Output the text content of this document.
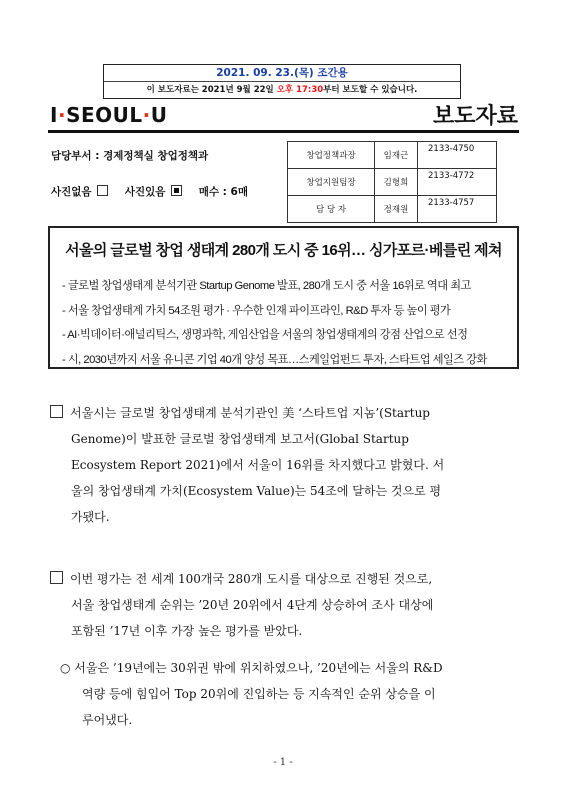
2021. 09. 23.(목) 조간용
이 보도자료는 2021년 9월 22일 오후 17:30부터 보도할 수 있습니다.
I·SEOUL·U	보도자료
담당부서 : 경제정책실 창업정책과
사진없음	사진있음	매수 : 6매
창업정책과장	임재근	2133-4750
창업지원팀장	김형희	2133-4772
담 당 자	정재원	2133-4757
서울의 글로벌 창업 생태계 280개 도시 중 16위… 싱가포르·베를린 제쳐
- 글로벌 창업생태계 분석기관 Startup Genome 발표, 280개 도시 중 서울 16위로 역대 최고
- 서울 창업생태계 가치 54조원 평가 · 우수한 인재 파이프라인, R&D 투자 등 높이 평가
- AI·빅데이터·애널리틱스, 생명과학, 게임산업을 서울의 창업생태계의 강점 산업으로 선정
- 시, 2030년까지 서울 유니콘 기업 40개 양성 목표…스케일업펀드 투자, 스타트업 세일즈 강화
서울시는 글로벌 창업생태계 분석기관인 美 ‘스타트업 지놈’(Startup
Genome)이 발표한 글로벌 창업생태계 보고서(Global Startup
Ecosystem Report 2021)에서 서울이 16위를 차지했다고 밝혔다. 서
울의 창업생태계 가치(Ecosystem Value)는 54조에 달하는 것으로 평
가됐다.
이번 평가는 전 세계 100개국 280개 도시를 대상으로 진행된 것으로,
서울 창업생태계 순위는 ’20년 20위에서 4단계 상승하여 조사 대상에
포함된 ’17년 이후 가장 높은 평가를 받았다.
○ 서울은 ’19년에는 30위권 밖에 위치하였으나, ’20년에는 서울의 R&D
역량 등에 힘입어 Top 20위에 진입하는 등 지속적인 순위 상승을 이
루어냈다.
- 1 -
